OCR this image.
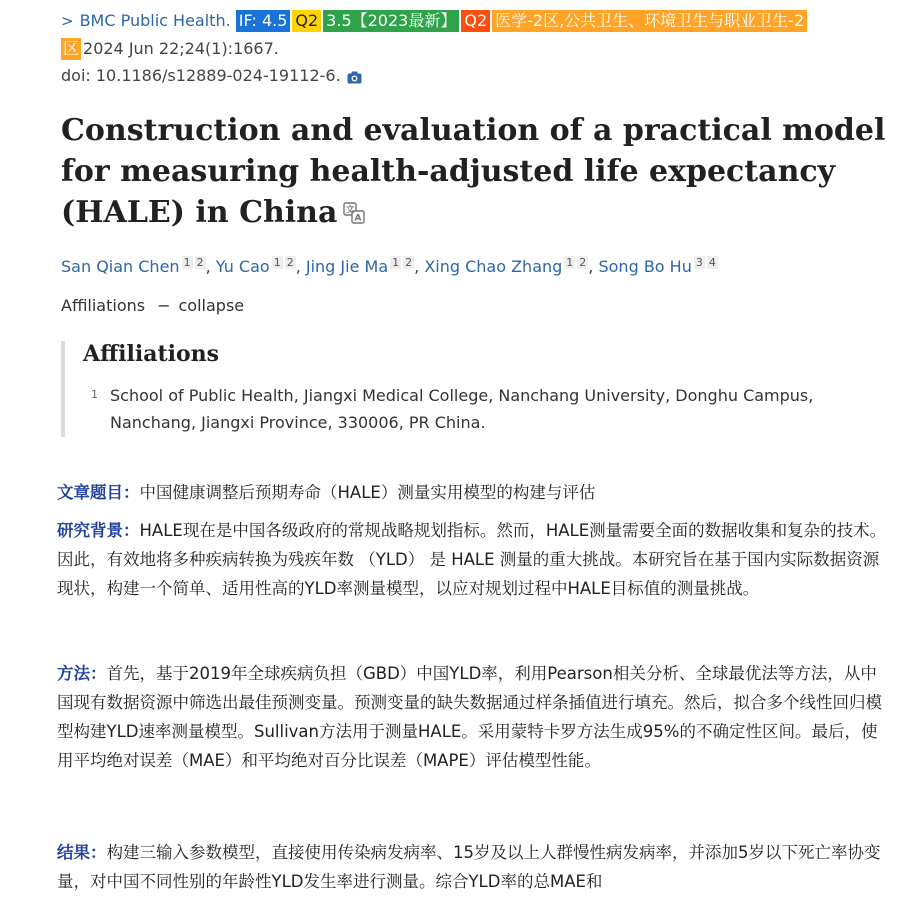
> BMC Public Health. IF: 4.5 Q2 3.5【2023最新】 Q2 医学-2区,公共卫生、环境卫生与职业卫生-2
区 2024 Jun 22;24(1):1667.
doi: 10.1186/s12889-024-19112-6.
Construction and evaluation of a practical model for measuring health-adjusted life expectancy (HALE) in China 文
A
San Qian Chen $^1$ $^2$ , Yu Cao $^1$ $^2$ , Jing Jie Ma $^1$ $^2$ , Xing Chao Zhang $^1$ $^2$ , Song Bo Hu $^3$ $^4$
Affiliations − collapse
Affiliations
1 School of Public Health, Jiangxi Medical College, Nanchang University, Donghu Campus, Nanchang, Jiangxi Province, 330006, PR China.
文章题目：中国健康调整后预期寿命（HALE）测量实用模型的构建与评估
研究背景：HALE现在是中国各级政府的常规战略规划指标。然而，HALE测量需要全面的数据收集和复杂的技术。因此，有效地将多种疾病转换为残疾年数 （YLD） 是 HALE 测量的重大挑战。本研究旨在基于国内实际数据资源现状，构建一个简单、适用性高的YLD率测量模型，以应对规划过程中HALE目标值的测量挑战。
方法：首先，基于2019年全球疾病负担（GBD）中国YLD率，利用Pearson相关分析、全球最优法等方法，从中国现有数据资源中筛选出最佳预测变量。预测变量的缺失数据通过样条插值进行填充。然后，拟合多个线性回归模型构建YLD速率测量模型。Sullivan方法用于测量HALE。采用蒙特卡罗方法生成95%的不确定性区间。最后，使用平均绝对误差（MAE）和平均绝对百分比误差（MAPE）评估模型性能。
结果：构建三输入参数模型，直接使用传染病发病率、15岁及以上人群慢性病发病率，并添加5岁以下死亡率协变量，对中国不同性别的年龄性YLD发生率进行测量。综合YLD率的总MAE和
